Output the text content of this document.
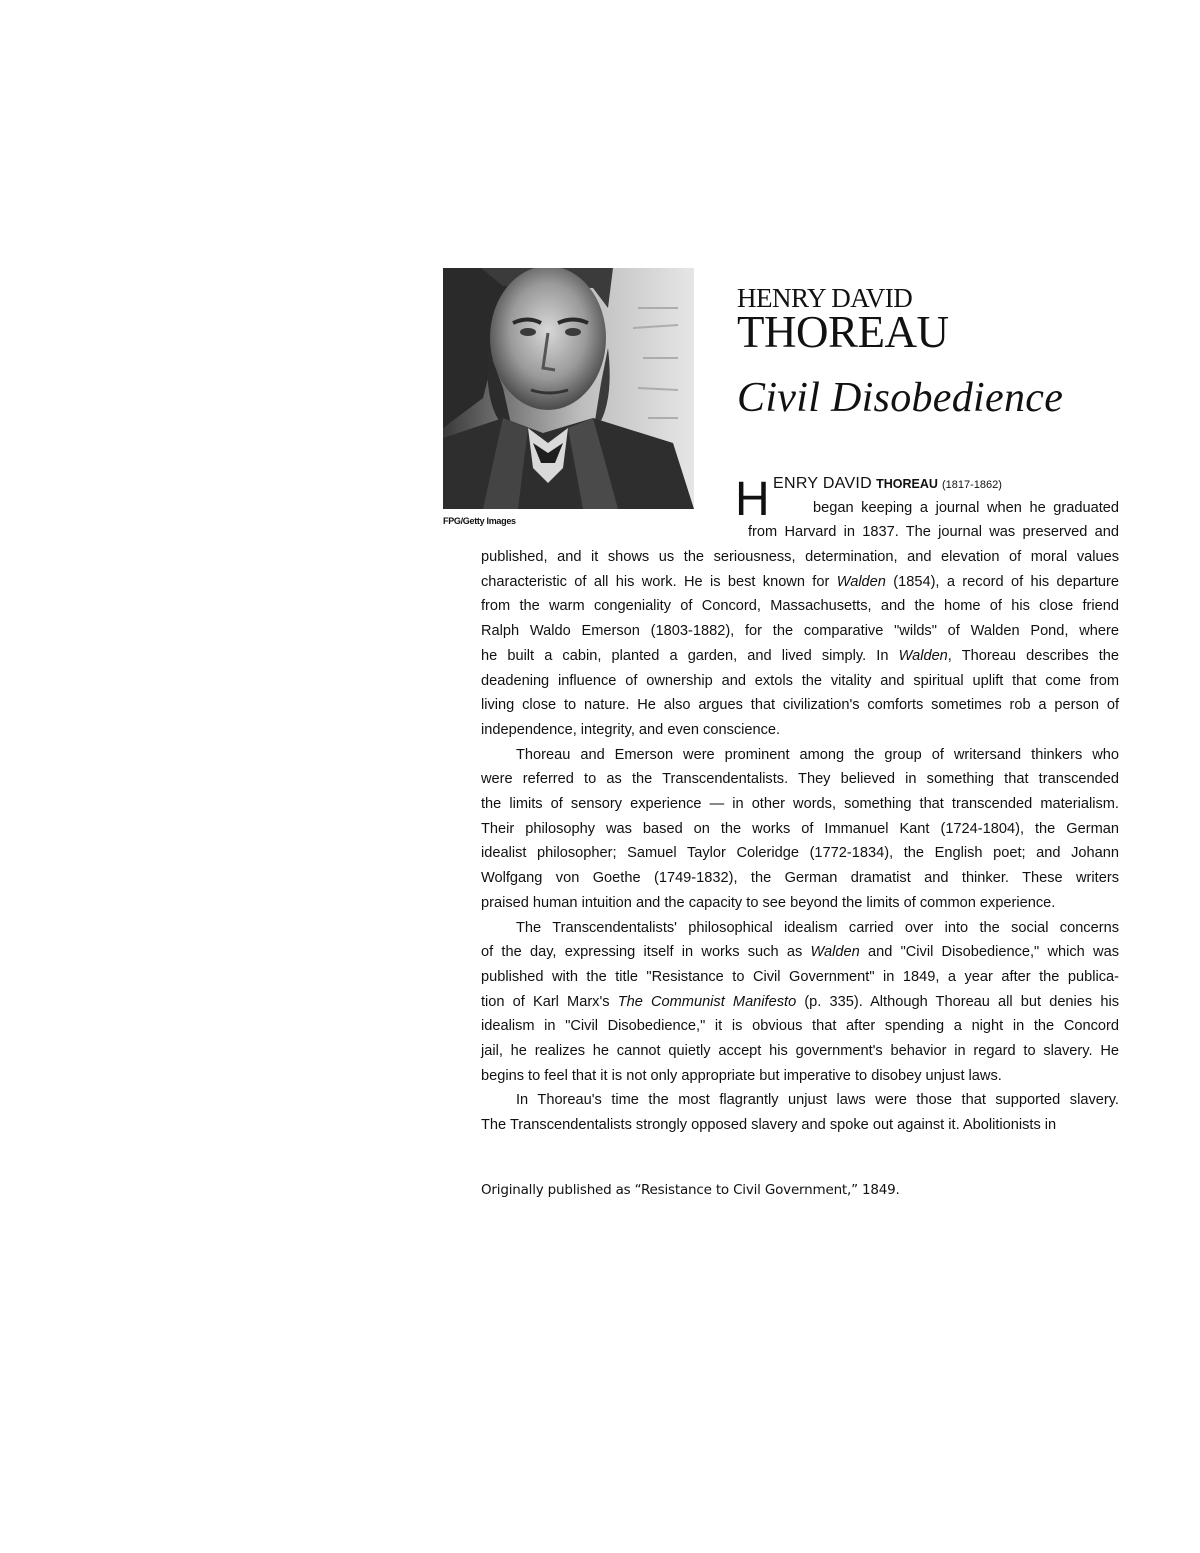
FPG/Getty Images
HENRY DAVID
THOREAU
Civil Disobedience
H ENRY DAVID THOREAU (1817-1862)
began keeping a journal when he graduated
from Harvard in 1837. The journal was preserved and
published, and it shows us the seriousness, determination, and elevation of moral values
characteristic of all his work. He is best known for Walden (1854), a record of his departure
from the warm congeniality of Concord, Massachusetts, and the home of his close friend
Ralph Waldo Emerson (1803-1882), for the comparative "wilds" of Walden Pond, where
he built a cabin, planted a garden, and lived simply. In Walden, Thoreau describes the
deadening influence of ownership and extols the vitality and spiritual uplift that come from
living close to nature. He also argues that civilization's comforts sometimes rob a person of
independence, integrity, and even conscience.
Thoreau and Emerson were prominent among the group of writersand thinkers who
were referred to as the Transcendentalists. They believed in something that transcended
the limits of sensory experience — in other words, something that transcended materialism.
Their philosophy was based on the works of Immanuel Kant (1724-1804), the German
idealist philosopher; Samuel Taylor Coleridge (1772-1834), the English poet; and Johann
Wolfgang von Goethe (1749-1832), the German dramatist and thinker. These writers
praised human intuition and the capacity to see beyond the limits of common experience.
The Transcendentalists' philosophical idealism carried over into the social concerns
of the day, expressing itself in works such as Walden and "Civil Disobedience," which was
published with the title "Resistance to Civil Government" in 1849, a year after the publica-
tion of Karl Marx's The Communist Manifesto (p. 335). Although Thoreau all but denies his
idealism in "Civil Disobedience," it is obvious that after spending a night in the Concord
jail, he realizes he cannot quietly accept his government's behavior in regard to slavery. He
begins to feel that it is not only appropriate but imperative to disobey unjust laws.
In Thoreau's time the most flagrantly unjust laws were those that supported slavery.
The Transcendentalists strongly opposed slavery and spoke out against it. Abolitionists in
Originally published as “Resistance to Civil Government,” 1849.
